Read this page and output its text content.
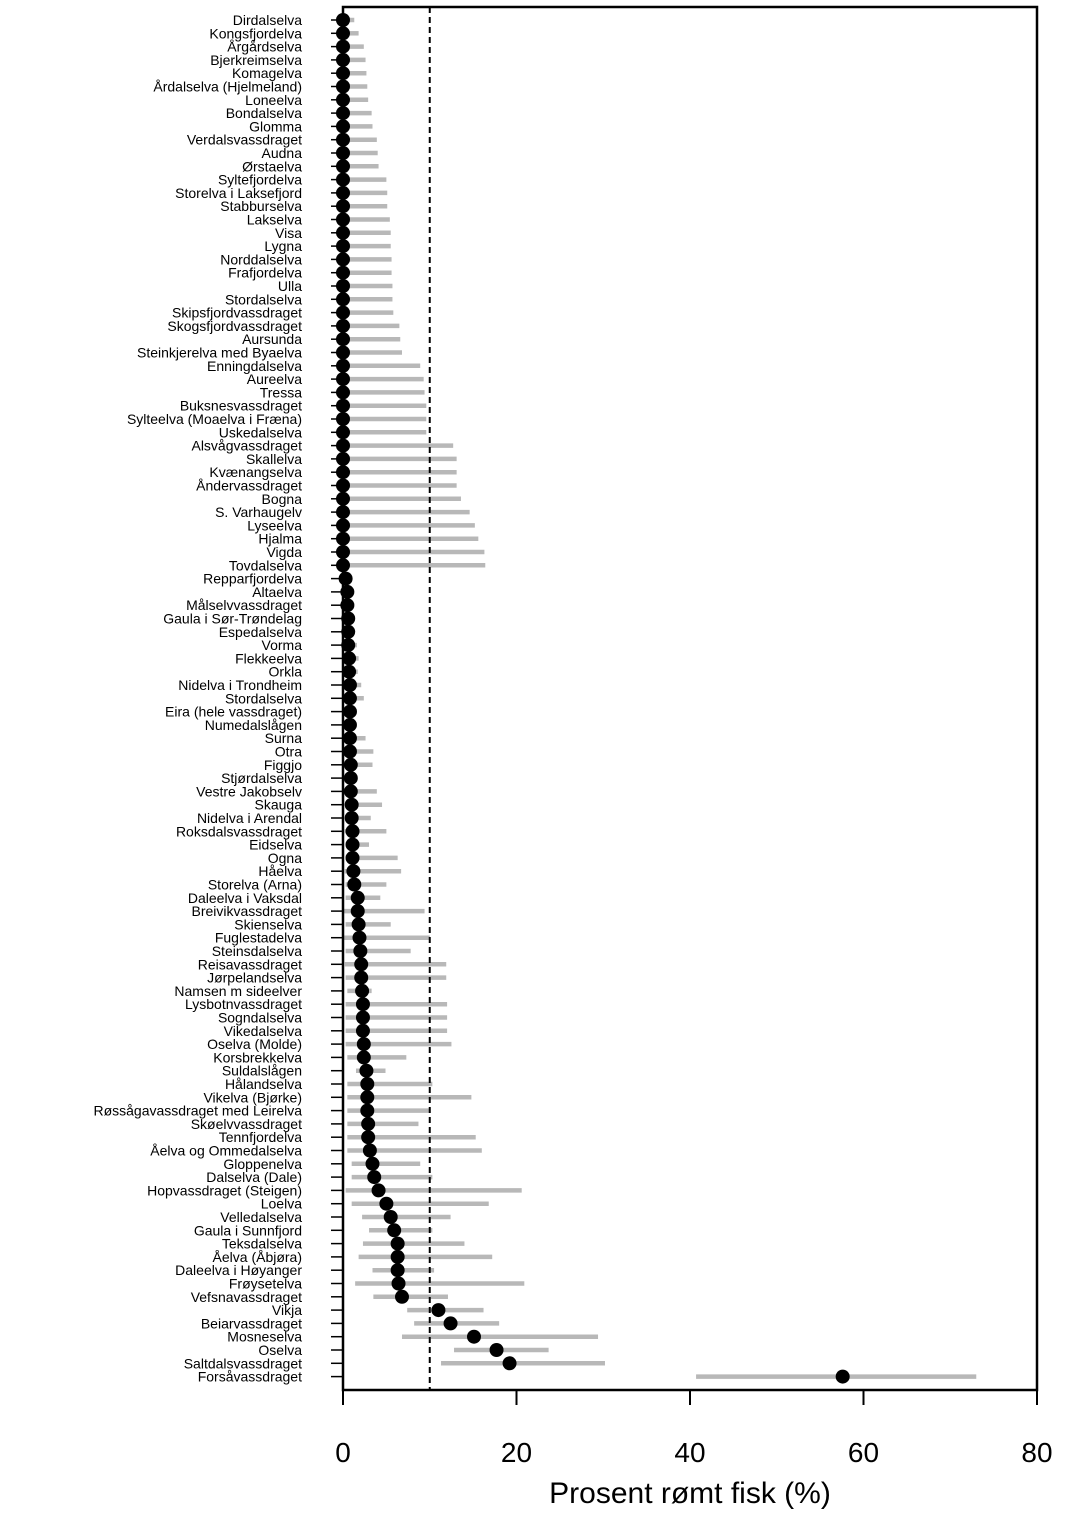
Dirdalselva
Kongsfjordelva
Årgårdselva
Bjerkreimselva
Komagelva
Årdalselva (Hjelmeland)
Loneelva
Bondalselva
Glomma
Verdalsvassdraget
Audna
Ørstaelva
Syltefjordelva
Storelva i Laksefjord
Stabburselva
Lakselva
Visa
Lygna
Norddalselva
Frafjordelva
Ulla
Stordalselva
Skipsfjordvassdraget
Skogsfjordvassdraget
Aursunda
Steinkjerelva med Byaelva
Enningdalselva
Aureelva
Tressa
Buksnesvassdraget
Sylteelva (Moaelva i Fræna)
Uskedalselva
Alsvågvassdraget
Skallelva
Kvænangselva
Åndervassdraget
Bogna
S. Varhaugelv
Lyseelva
Hjalma
Vigda
Tovdalselva
Repparfjordelva
Altaelva
Målselvvassdraget
Gaula i Sør-Trøndelag
Espedalselva
Vorma
Flekkeelva
Orkla
Nidelva i Trondheim
Stordalselva
Eira (hele vassdraget)
Numedalslågen
Surna
Otra
Figgjo
Stjørdalselva
Vestre Jakobselv
Skauga
Nidelva i Arendal
Roksdalsvassdraget
Eidselva
Ogna
Håelva
Storelva (Arna)
Daleelva i Vaksdal
Breivikvassdraget
Skienselva
Fuglestadelva
Steinsdalselva
Reisavassdraget
Jørpelandselva
Namsen m sideelver
Lysbotnvassdraget
Sogndalselva
Vikedalselva
Oselva (Molde)
Korsbrekkelva
Suldalslågen
Hålandselva
Vikelva (Bjørke)
Røssågavassdraget med Leirelva
Skøelvvassdraget
Tennfjordelva
Åelva og Ommedalselva
Gloppenelva
Dalselva (Dale)
Hopvassdraget (Steigen)
Loelva
Velledalselva
Gaula i Sunnfjord
Teksdalselva
Åelva (Åbjøra)
Daleelva i Høyanger
Frøysetelva
Vefsnavassdraget
Vikja
Beiarvassdraget
Mosneselva
Oselva
Saltdalsvassdraget
Forsåvassdraget
0	20	40	60	80
Prosent rømt fisk (%)
